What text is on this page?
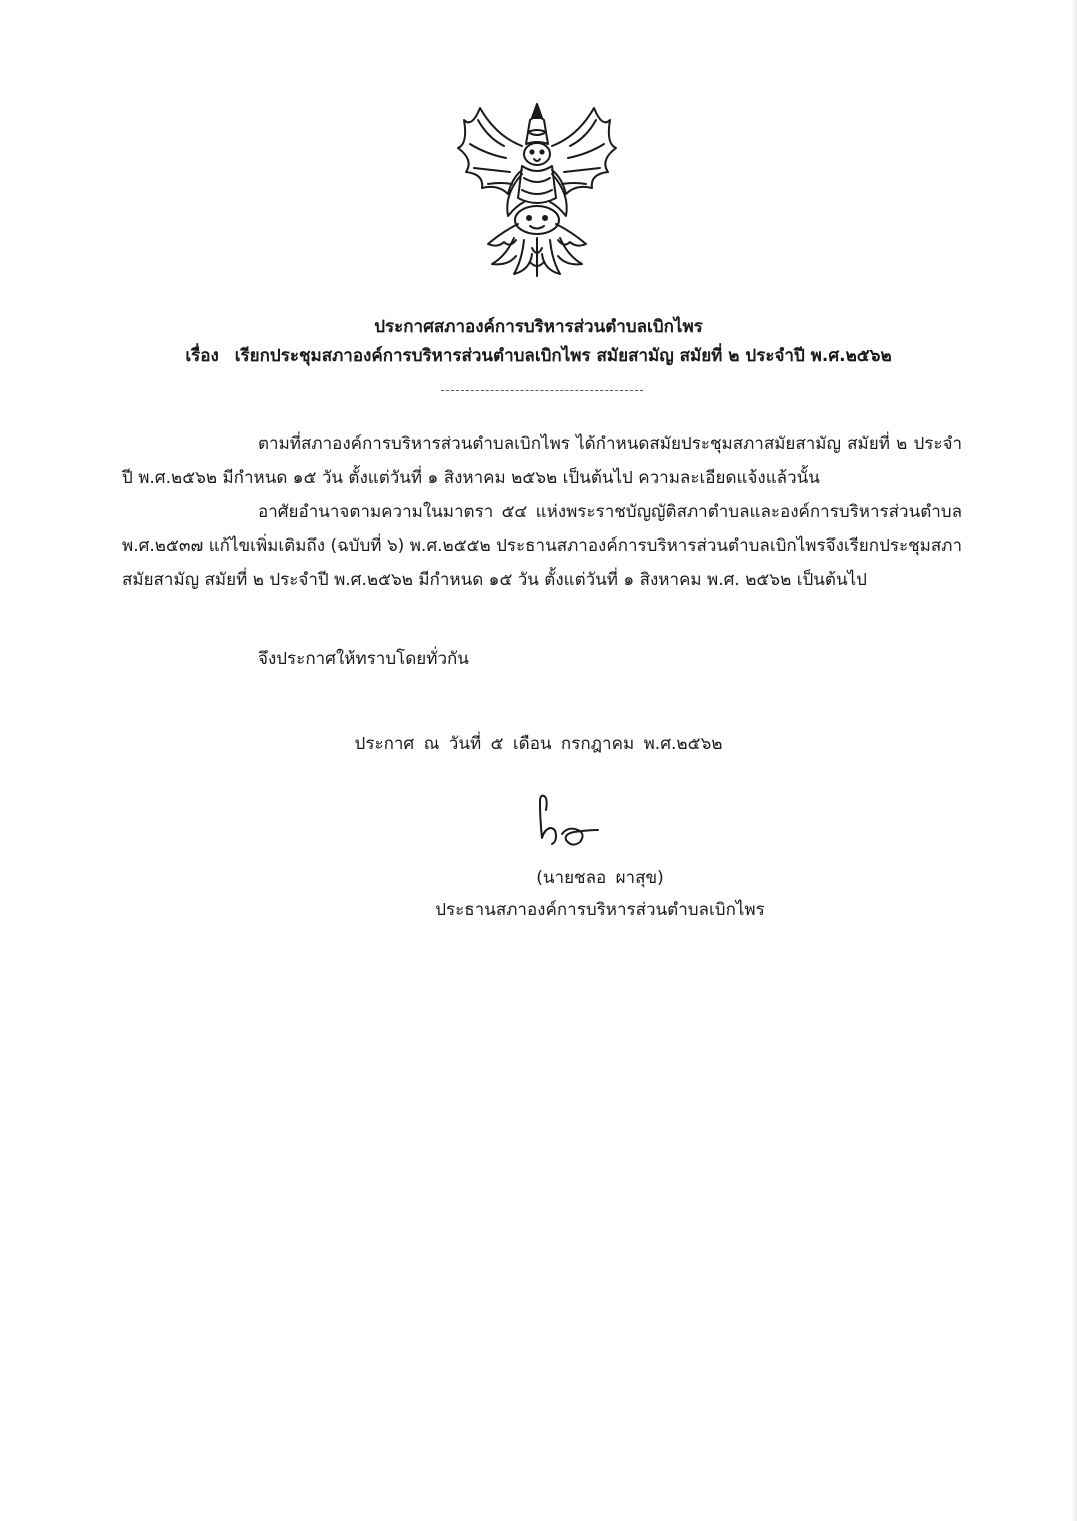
ประกาศสภาองค์การบริหารส่วนตำบลเบิกไพร
เรื่อง เรียกประชุมสภาองค์การบริหารส่วนตำบลเบิกไพร สมัยสามัญ สมัยที่ ๒ ประจำปี พ.ศ.๒๕๖๒

ตามที่สภาองค์การบริหารส่วนตำบลเบิกไพร ได้กำหนดสมัยประชุมสภาสมัยสามัญ สมัยที่ ๒ ประจำปี พ.ศ.๒๕๖๒ มีกำหนด ๑๕ วัน ตั้งแต่วันที่ ๑ สิงหาคม ๒๕๖๒ เป็นต้นไป ความละเอียดแจ้งแล้วนั้น

อาศัยอำนาจตามความในมาตรา ๕๔ แห่งพระราชบัญญัติสภาตำบลและองค์การบริหารส่วนตำบล พ.ศ.๒๕๓๗ แก้ไขเพิ่มเติมถึง (ฉบับที่ ๖) พ.ศ.๒๕๕๒ ประธานสภาองค์การบริหารส่วนตำบลเบิกไพรจึงเรียกประชุมสภา สมัยสามัญ สมัยที่ ๒ ประจำปี พ.ศ.๒๕๖๒ มีกำหนด ๑๕ วัน ตั้งแต่วันที่ ๑ สิงหาคม พ.ศ. ๒๕๖๒ เป็นต้นไป

จึงประกาศให้ทราบโดยทั่วกัน
ประกาศ ณ วันที่ ๕ เดือน กรกฎาคม พ.ศ.๒๕๖๒
(นายชลอ ผาสุข)
ประธานสภาองค์การบริหารส่วนตำบลเบิกไพร
